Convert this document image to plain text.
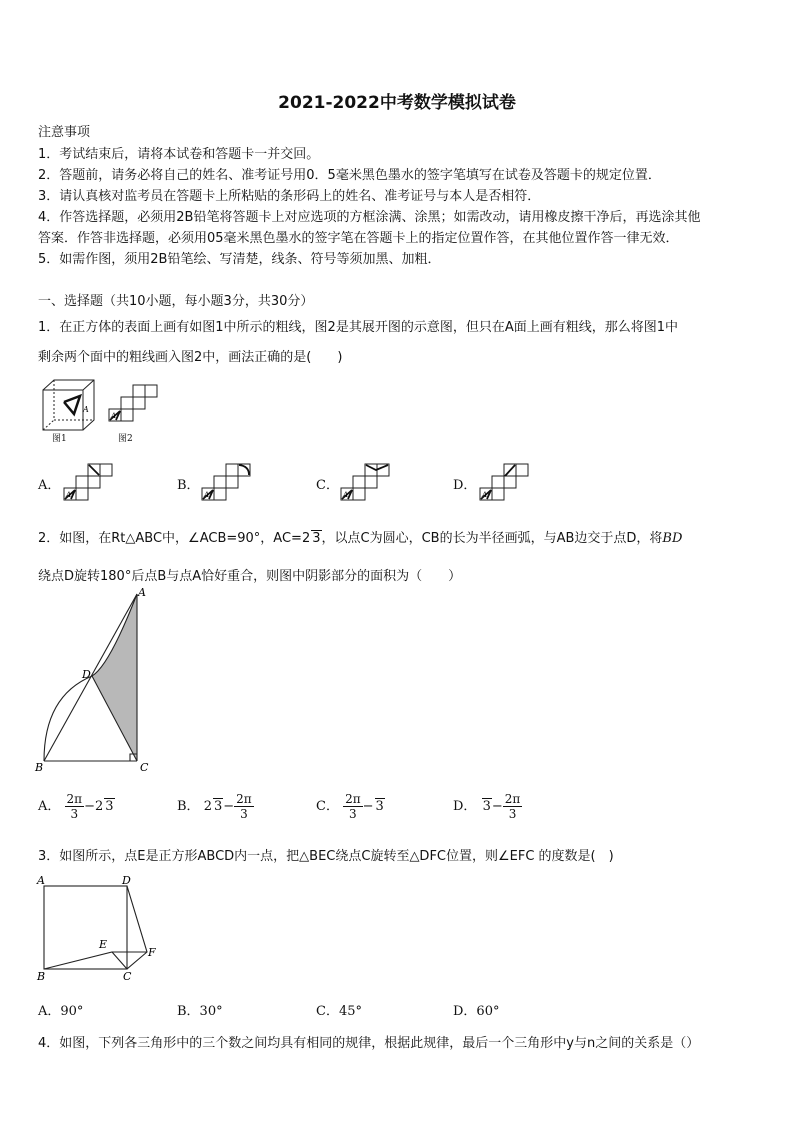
2021-2022中考数学模拟试卷
注意事项
1．考试结束后，请将本试卷和答题卡一并交回。
2．答题前，请务必将自己的姓名、准考证号用0．5毫米黑色墨水的签字笔填写在试卷及答题卡的规定位置．
3．请认真核对监考员在答题卡上所粘贴的条形码上的姓名、准考证号与本人是否相符．
4．作答选择题，必须用2B铅笔将答题卡上对应选项的方框涂满、涂黑；如需改动，请用橡皮擦干净后，再选涂其他
答案．作答非选择题，必须用05毫米黑色墨水的签字笔在答题卡上的指定位置作答，在其他位置作答一律无效．
5．如需作图，须用2B铅笔绘、写清楚，线条、符号等须加黑、加粗．
一、选择题（共10小题，每小题3分，共30分）
1．在正方体的表面上画有如图1中所示的粗线，图2是其展开图的示意图，但只在A面上画有粗线，那么将图1中
剩余两个面中的粗线画入图2中，画法正确的是(　　)
A
图1
A
图2
A．
A
B．
A
C．
A
D．
A
2．如图，在Rt△ABC中，∠ACB=90°，AC=2 3，以点C为圆心，CB的长为半径画弧，与AB边交于点D，将BD
绕点D旋转180°后点B与点A恰好重合，则图中阴影部分的面积为（　　）
A
B	C
D
A． $\frac{2\pi}{3} -2$ 3	B． 2 $3- \frac{2\pi}{3}$	C． $\frac{2\pi}{3} - 3$	D． $3- \frac{2\pi}{3}$
3．如图所示，点E是正方形ABCD内一点，把△BEC绕点C旋转至△DFC位置，则∠EFC 的度数是(　)
A	D
B	C
E
F
A．90°	B．30°	C．45°	D．60°
4．如图，下列各三角形中的三个数之间均具有相同的规律，根据此规律，最后一个三角形中y与n之间的关系是（）
